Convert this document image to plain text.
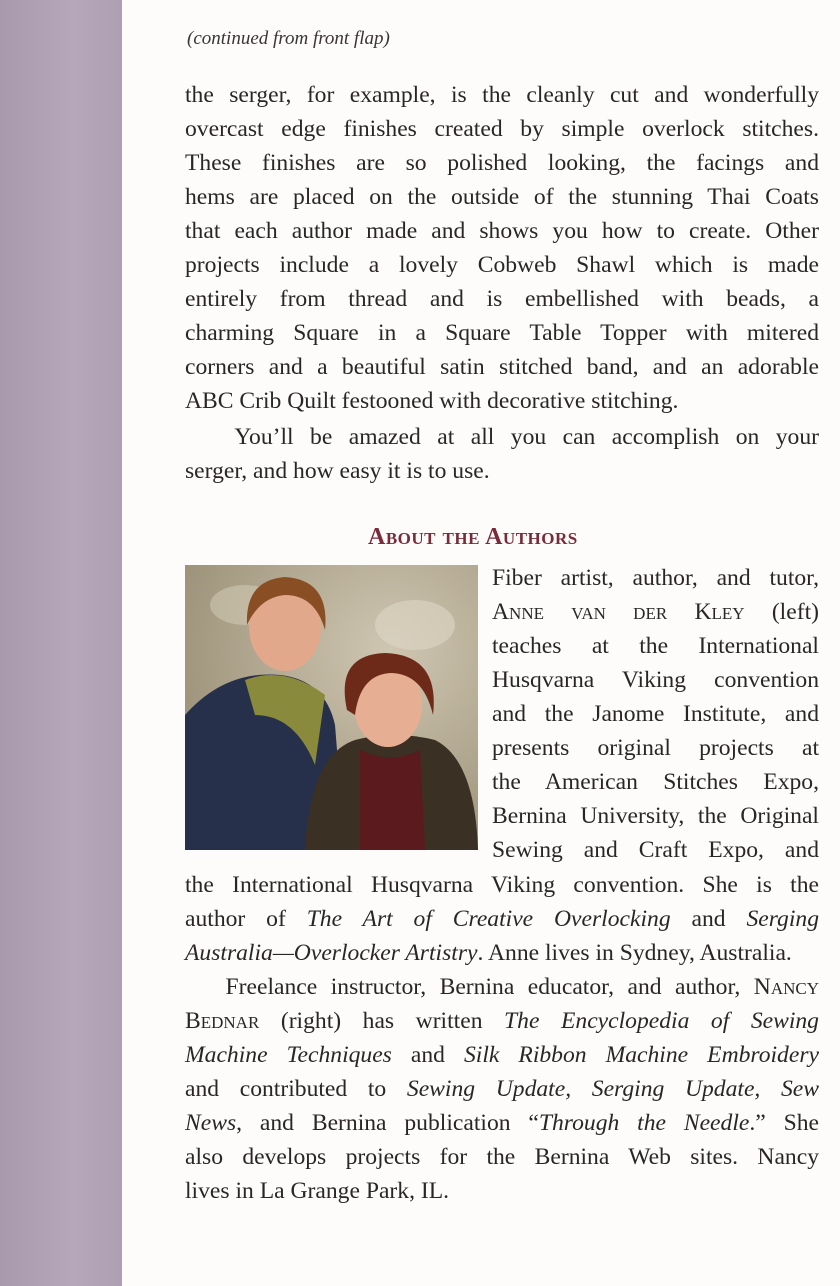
(continued from front flap)
the serger, for example, is the cleanly cut and wonderfully
overcast edge finishes created by simple overlock stitches.
These finishes are so polished looking, the facings and
hems are placed on the outside of the stunning Thai Coats
that each author made and shows you how to create. Other
projects include a lovely Cobweb Shawl which is made
entirely from thread and is embellished with beads, a
charming Square in a Square Table Topper with mitered
corners and a beautiful satin stitched band, and an adorable
ABC Crib Quilt festooned with decorative stitching.
You’ll be amazed at all you can accomplish on your
serger, and how easy it is to use.
Fiber artist, author, and tutor,
Anne van der Kley (left)
teaches at the International
Husqvarna Viking convention
and the Janome Institute, and
presents original projects at
the American Stitches Expo,
Bernina University, the Original
Sewing and Craft Expo, and
the International Husqvarna Viking convention. She is the
author of The Art of Creative Overlocking and Serging
Australia—Overlocker Artistry. Anne lives in Sydney, Australia.
Freelance instructor, Bernina educator, and author, Nancy
Bednar (right) has written The Encyclopedia of Sewing
Machine Techniques and Silk Ribbon Machine Embroidery
and contributed to Sewing Update, Serging Update, Sew
News, and Bernina publication “Through the Needle.” She
also develops projects for the Bernina Web sites. Nancy
lives in La Grange Park, IL.
About the Authors
